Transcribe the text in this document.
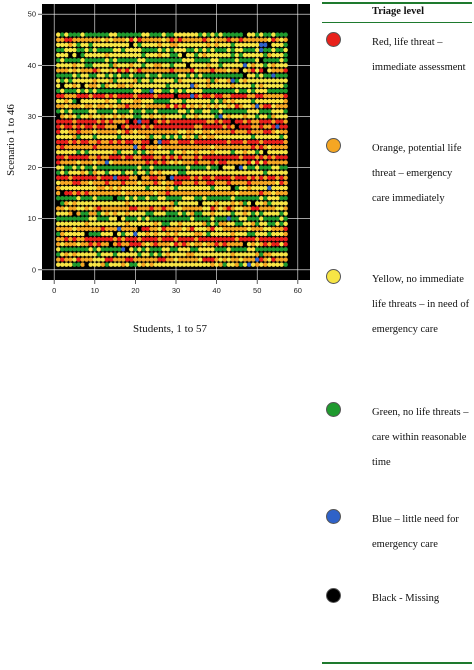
0	10	20	30	40	50	60
0
10
20
30
40
50
Students, 1 to 57
Scenario 1 to 46
Triage level
Red, life threat – immediate assessment
Orange, potential life threat – emergency care immediately
Yellow, no immediate life threats – in need of emergency care
Green, no life threats – care within reasonable time
Blue – little need for emergency care
Black - Missing
